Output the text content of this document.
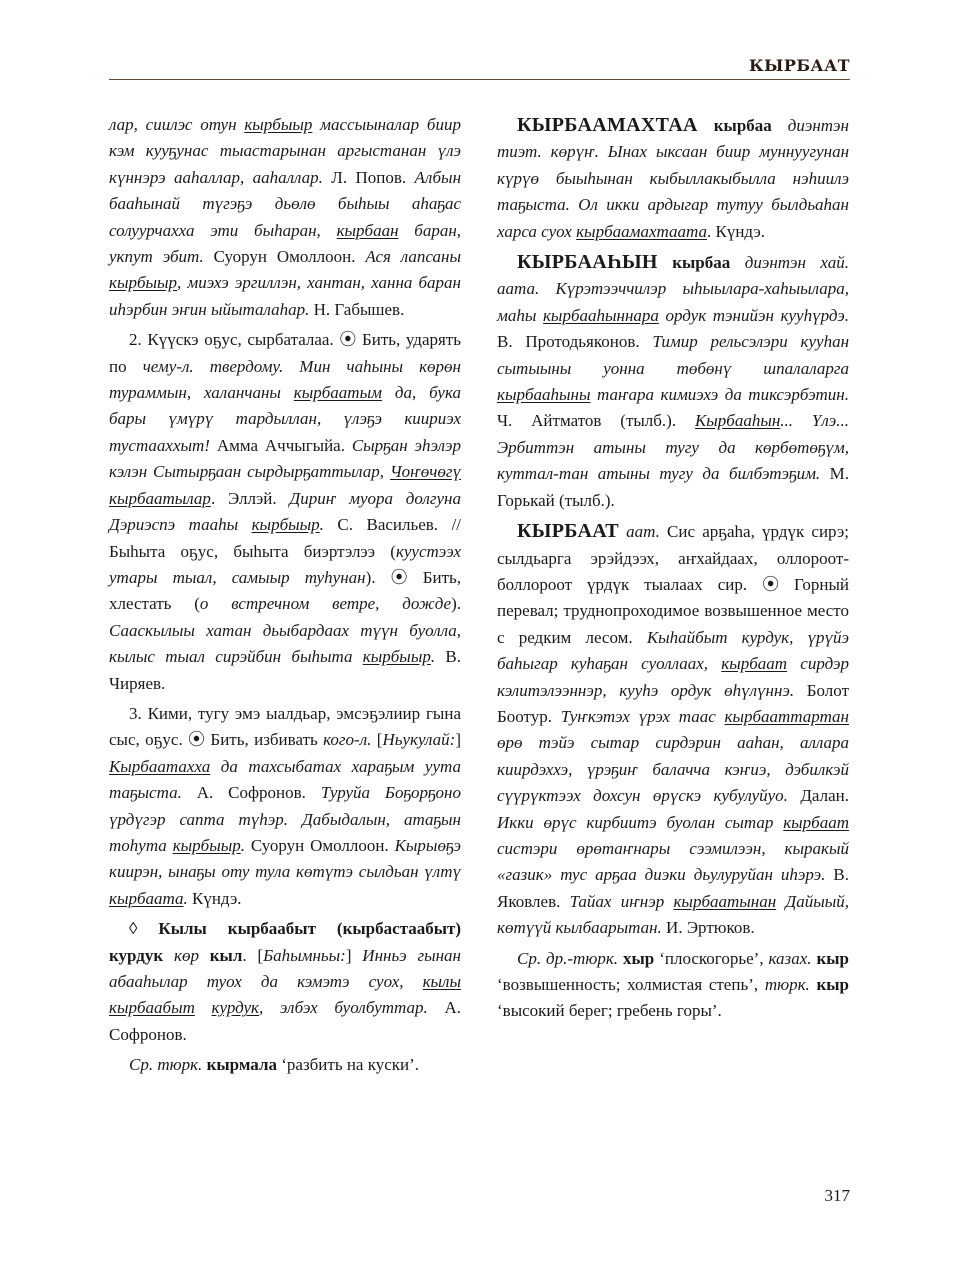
КЫРБААТ

лар, сиилэс отун кырбыыр массыыналар биир кэм кууҕунас тыастарынан аргыстанан үлэ күннэрэ ааһаллар, ааһаллар. Л. Попов. Албын бааһынай түгэҕэ дьөлө быһыы аһаҕас солуурчахха эти быһаран, кырбаан баран, укпут эбит. Суорун Омоллоон. Ася лапсаны кырбыыр, миэхэ эргиллэн, хантан, ханна баран иһэрбин эҥин ыйыталаһар. Н. Габышев.

2. Күүскэ оҕус, сырбаталаа. ⦿ Бить, ударять по чему-л. твердому. Мин чаһыны көрөн тураммын, халанчаны кырбаатым да, бука бары үмүрү тардыллан, үлэҕэ киириэх тустааххыт! Амма Аччыгыйа. Сырҕан эһэлэр кэлэн Сытырҕаан сырдырҕаттылар, Чоҥөчөгү кырбаатылар. Эллэй. Дириҥ муора долгуна Дэриэспэ тааһы кырбыыр. С. Васильев. // Быһыта оҕус, быһыта биэртэлээ (куустээх утары тыал, самыыр туһунан). ⦿ Бить, хлестать (о встречном ветре, дожде). Сааскылыы хатан дьыбардаах түүн буолла, кылыс тыал сирэйбин быһыта кырбыыр. В. Чиряев.

3. Кими, тугу эмэ ыалдьар, эмсэҕэлиир гына сыс, оҕус. ⦿ Бить, избивать кого-л. [Ньукулай:] Кырбаатахха да тахсыбатах хараҕым уута таҕыста. А. Софронов. Туруйа Боҕорҕоно үрдүгэр сапта түһэр. Дабыдалын, атаҕын тоһута кырбыыр. Суорун Омоллоон. Кырыөҕэ киирэн, ынаҕы оту тула көтүтэ сылдьан үлтү кырбаата. Күндэ.

◊ Кылы кырбаабыт (кырбастаабыт) курдук көр кыл. [Баһымньы:] Инньэ гынан абааһылар туох да кэмэтэ суох, кылы кырбаабыт курдук, элбэх буолбуттар. А. Софронов.

Ср. тюрк. кырмала ‘разбить на куски’.

КЫРБААМАХТАА кырбаа диэнтэн тиэт. көрүҥ. Ынах ыксаан биир муннуугунан күрүө быыһынан кыбыллакыбылла нэһиилэ таҕыста. Ол икки ардыгар тутуу былдьаһан харса суох кырбаамахтаата. Күндэ.

КЫРБААҺЫН кырбаа диэнтэн хай. аата. Күрэтээччилэр ыһыылара-хаһыылара, маһы кырбааһыннара ордук тэнийэн кууһүрдэ. В. Протодьяконов. Тимир рельсэлэри кууһан сытыыны уонна төбөнү шпалаларга кырбааһыны таҥара кимиэхэ да тиксэрбэтин. Ч. Айтматов (тылб.). Кырбааһын... Үлэ... Эрбиттэн атыны тугу да көрбөтөҕүм, куттал-тан атыны тугу да билбэтэҕим. М. Горькай (тылб.).

КЫРБААТ аат. Сис арҕаһа, үрдүк сирэ; сылдьарга эрэйдээх, аҥхайдаах, оллороот-боллороот үрдүк тыалаах сир. ⦿ Горный перевал; труднопроходимое возвышенное место с редким лесом. Кыһайбыт курдук, үрүйэ баһыгар куһаҕан суоллаах, кырбаат сирдэр кэлитэлээннэр, кууһэ ордук өһүлүннэ. Болот Боотур. Туҥкэтэх үрэх таас кырбааттартан өрө тэйэ сытар сирдэрин ааһан, аллара киирдэххэ, үрэҕиҥ балачча кэҥиэ, дэбилкэй сүүрүктээх дохсун өрүскэ кубулуйуо. Далан. Икки өрүс кирбиитэ буолан сытар кырбаат систэри өрөтаҥнары сээмилээн, кыракый «газик» тус арҕаа диэки дьулуруйан иһэрэ. В. Яковлев. Тайах иҥнэр кырбаатынан Дайыый, көтүүй кылбаарытан. И. Эртюков.

Ср. др.-тюрк. хыр ‘плоскогорье’, казах. кыр ‘возвышенность; холмистая степь’, тюрк. кыр ‘высокий берег; гребень горы’.

317
